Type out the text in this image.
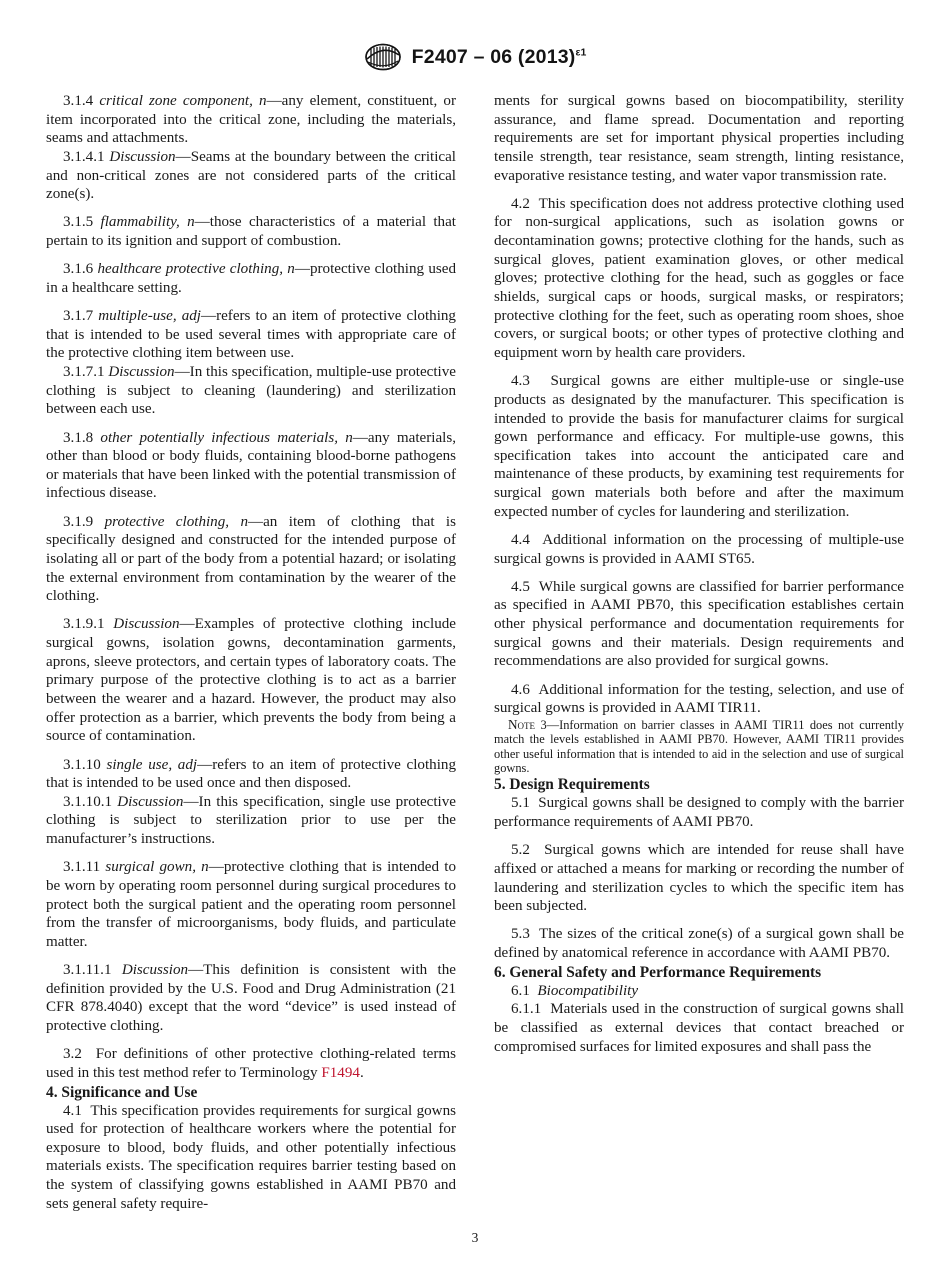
F2407 – 06 $(2013)^{\varepsilon 1}$

3.1.4 critical zone component, n—any element, constituent, or item incorporated into the critical zone, including the materials, seams and attachments.

3.1.4.1 Discussion—Seams at the boundary between the critical and non-critical zones are not considered parts of the critical zone(s).

3.1.5 flammability, n—those characteristics of a material that pertain to its ignition and support of combustion.

3.1.6 healthcare protective clothing, n—protective clothing used in a healthcare setting.

3.1.7 multiple-use, adj—refers to an item of protective clothing that is intended to be used several times with appropriate care of the protective clothing item between use.

3.1.7.1 Discussion—In this specification, multiple-use protective clothing is subject to cleaning (laundering) and sterilization between each use.

3.1.8 other potentially infectious materials, n—any materials, other than blood or body fluids, containing blood-borne pathogens or materials that have been linked with the potential transmission of infectious disease.

3.1.9 protective clothing, n—an item of clothing that is specifically designed and constructed for the intended purpose of isolating all or part of the body from a potential hazard; or isolating the external environment from contamination by the wearer of the clothing.

3.1.9.1 Discussion—Examples of protective clothing include surgical gowns, isolation gowns, decontamination garments, aprons, sleeve protectors, and certain types of laboratory coats. The primary purpose of the protective clothing is to act as a barrier between the wearer and a hazard. However, the product may also offer protection as a barrier, which prevents the body from being a source of contamination.

3.1.10 single use, adj—refers to an item of protective clothing that is intended to be used once and then disposed.

3.1.10.1 Discussion—In this specification, single use protective clothing is subject to sterilization prior to use per the manufacturer’s instructions.

3.1.11 surgical gown, n—protective clothing that is intended to be worn by operating room personnel during surgical procedures to protect both the surgical patient and the operating room personnel from the transfer of microorganisms, body fluids, and particulate matter.

3.1.11.1 Discussion—This definition is consistent with the definition provided by the U.S. Food and Drug Administration (21 CFR 878.4040) except that the word “device” is used instead of protective clothing.

3.2 For definitions of other protective clothing-related terms used in this test method refer to Terminology F1494.

4. Significance and Use

4.1 This specification provides requirements for surgical gowns used for protection of healthcare workers where the potential for exposure to blood, body fluids, and other potentially infectious materials exists. The specification requires barrier testing based on the system of classifying gowns established in AAMI PB70 and sets general safety require-

ments for surgical gowns based on biocompatibility, sterility assurance, and flame spread. Documentation and reporting requirements are set for important physical properties including tensile strength, tear resistance, seam strength, linting resistance, evaporative resistance testing, and water vapor transmission rate.

4.2 This specification does not address protective clothing used for non-surgical applications, such as isolation gowns or decontamination gowns; protective clothing for the hands, such as surgical gloves, patient examination gloves, or other medical gloves; protective clothing for the head, such as goggles or face shields, surgical caps or hoods, surgical masks, or respirators; protective clothing for the feet, such as operating room shoes, shoe covers, or surgical boots; or other types of protective clothing and equipment worn by health care providers.

4.3 Surgical gowns are either multiple-use or single-use products as designated by the manufacturer. This specification is intended to provide the basis for manufacturer claims for surgical gown performance and efficacy. For multiple-use gowns, this specification takes into account the anticipated care and maintenance of these products, by examining test requirements for surgical gown materials both before and after the maximum expected number of cycles for laundering and sterilization.

4.4 Additional information on the processing of multiple-use surgical gowns is provided in AAMI ST65.

4.5 While surgical gowns are classified for barrier performance as specified in AAMI PB70, this specification establishes certain other physical performance and documentation requirements for surgical gowns and their materials. Design requirements and recommendations are also provided for surgical gowns.

4.6 Additional information for the testing, selection, and use of surgical gowns is provided in AAMI TIR11.

Note 3—Information on barrier classes in AAMI TIR11 does not currently match the levels established in AAMI PB70. However, AAMI TIR11 provides other useful information that is intended to aid in the selection and use of surgical gowns.

5. Design Requirements

5.1 Surgical gowns shall be designed to comply with the barrier performance requirements of AAMI PB70.

5.2 Surgical gowns which are intended for reuse shall have affixed or attached a means for marking or recording the number of laundering and sterilization cycles to which the specific item has been subjected.

5.3 The sizes of the critical zone(s) of a surgical gown shall be defined by anatomical reference in accordance with AAMI PB70.

6. General Safety and Performance Requirements

6.1 Biocompatibility

6.1.1 Materials used in the construction of surgical gowns shall be classified as external devices that contact breached or compromised surfaces for limited exposures and shall pass the

3
